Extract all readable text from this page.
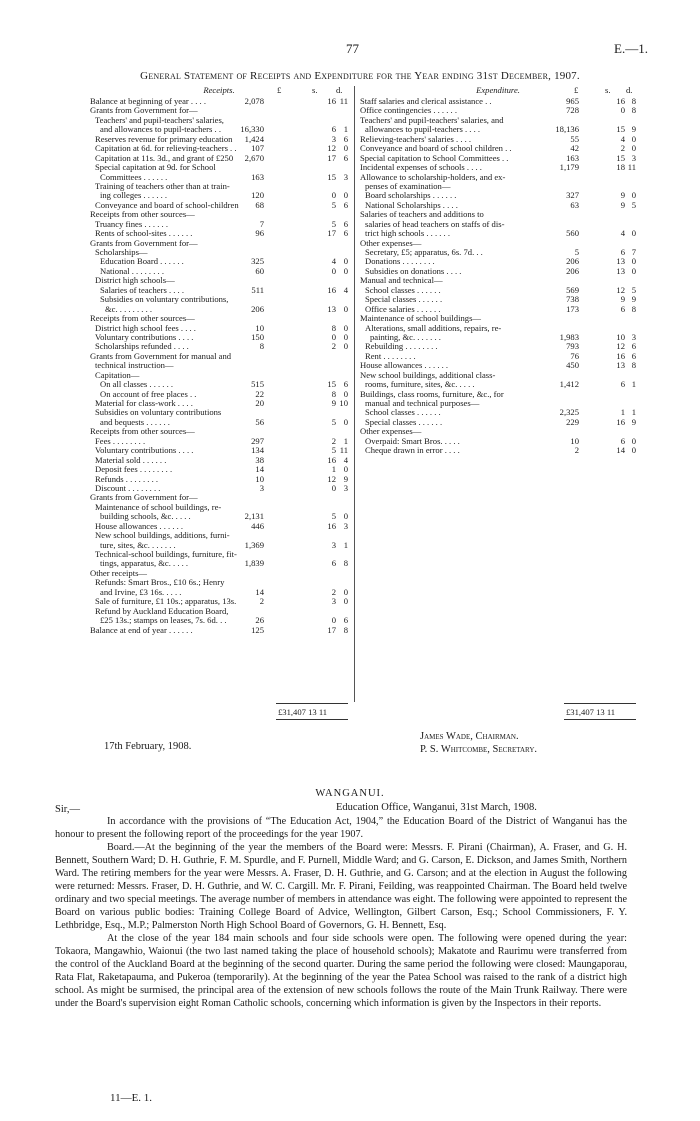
77	E.—1.
General Statement of Receipts and Expenditure for the Year ending 31st December, 1907.
Receipts.	£	s. d.
Balance at beginning of year . . . .	2,078	16 11
Grants from Government for—
Teachers' and pupil-teachers' salaries,
and allowances to pupil-teachers . .	16,330	6 1
Reserves revenue for primary education	1,424	3 6
Capitation at 6d. for relieving-teachers . .	107	12 0
Capitation at 11s. 3d., and grant of £250	2,670	17 6
Special capitation at 9d. for School
Committees . . . . . .	163	15 3
Training of teachers other than at train-
ing colleges . . . . . .	120	0 0
Conveyance and board of school-children	68	5 6
Receipts from other sources—
Truancy fines . . . . . .	7	5 6
Rents of school-sites . . . . . .	96	17 6
Grants from Government for—
Scholarships—
Education Board . . . . . .	325	4 0
National . . . . . . . .	60	0 0
District high schools—
Salaries of teachers . . . .	511	16 4
Subsidies on voluntary contributions,
&c. . . . . . . . .	206	13 0
Receipts from other sources—
District high school fees . . . .	10	8 0
Voluntary contributions . . . .	150	0 0
Scholarships refunded . . . .	8	2 0
Grants from Government for manual and
technical instruction—
Capitation—
On all classes . . . . . .	515	15 6
On account of free places . .	22	8 0
Material for class-work . . . .	20	9 10
Subsidies on voluntary contributions
and bequests . . . . . .	56	5 0
Receipts from other sources—
Fees . . . . . . . .	297	2 1
Voluntary contributions . . . .	134	5 11
Material sold . . . . . .	38	16 4
Deposit fees . . . . . . . .	14	1 0
Refunds . . . . . . . .	10	12 9
Discount . . . . . . . .	3	0 3
Grants from Government for—
Maintenance of school buildings, re-
building schools, &c. . . . .	2,131	5 0
House allowances . . . . . .	446	16 3
New school buildings, additions, furni-
ture, sites, &c. . . . . . .	1,369	3 1
Technical-school buildings, furniture, fit-
tings, apparatus, &c. . . . .	1,839	6 8
Other receipts—
Refunds: Smart Bros., £10 6s.; Henry
and Irvine, £3 16s. . . . .	14	2 0
Sale of furniture, £1 10s.; apparatus, 13s.	2	3 0
Refund by Auckland Education Board,
£25 13s.; stamps on leases, 7s. 6d. . .	26	0 6
Balance at end of year . . . . . .	125	17 8
Expenditure.	£	s. d.
Staff salaries and clerical assistance . .	965	16 8
Office contingencies . . . . . .	728	0 8
Teachers' and pupil-teachers' salaries, and
allowances to pupil-teachers . . . .	18,136	15 9
Relieving-teachers' salaries . . . .	55	4 0
Conveyance and board of school children . .	42	2 0
Special capitation to School Committees . .	163	15 3
Incidental expenses of schools . . . .	1,179	18 11
Allowance to scholarship-holders, and ex-
penses of examination—
Board scholarships . . . . . .	327	9 0
National Scholarships . . . .	63	9 5
Salaries of teachers and additions to
salaries of head teachers on staffs of dis-
trict high schools . . . . . .	560	4 0
Other expenses—
Secretary, £5; apparatus, 6s. 7d. . .	5	6 7
Donations . . . . . . . .	206	13 0
Subsidies on donations . . . .	206	13 0
Manual and technical—
School classes . . . . . .	569	12 5
Special classes . . . . . .	738	9 9
Office salaries . . . . . .	173	6 8
Maintenance of school buildings—
Alterations, small additions, repairs, re-
painting, &c. . . . . . .	1,983	10 3
Rebuilding . . . . . . . .	793	12 6
Rent . . . . . . . .	76	16 6
House allowances . . . . . .	450	13 8
New school buildings, additional class-
rooms, furniture, sites, &c. . . . .	1,412	6 1
Buildings, class rooms, furniture, &c., for
manual and technical purposes—
School classes . . . . . .	2,325	1 1
Special classes . . . . . .	229	16 9
Other expenses—
Overpaid: Smart Bros. . . . .	10	6 0
Cheque drawn in error . . . .	2	14 0
£31,407 13 11	£31,407 13 11
17th February, 1908.
James Wade, Chairman.
P. S. Whitcombe, Secretary.
WANGANUI.
Sir,—	Education Office, Wanganui, 31st March, 1908.

In accordance with the provisions of “The Education Act, 1904,” the Education Board of the District of Wanganui has the honour to present the following report of the proceedings for the year 1907.

Board.—At the beginning of the year the members of the Board were: Messrs. F. Pirani (Chairman), A. Fraser, and G. H. Bennett, Southern Ward; D. H. Guthrie, F. M. Spurdle, and F. Purnell, Middle Ward; and G. Carson, E. Dickson, and James Smith, Northern Ward. The retiring members for the year were Messrs. A. Fraser, D. H. Guthrie, and G. Carson; and at the election in August the following were returned: Messrs. Fraser, D. H. Guthrie, and W. C. Cargill. Mr. F. Pirani, Feilding, was reappointed Chairman. The Board held twelve ordinary and two special meetings. The average number of members in attendance was eight. The following were appointed to represent the Board on various public bodies: Training College Board of Advice, Wellington, Gilbert Carson, Esq.; School Commissioners, F. Y. Lethbridge, Esq., M.P.; Palmerston North High School Board of Governors, G. H. Bennett, Esq.

At the close of the year 184 main schools and four side schools were open. The following were opened during the year: Tokaora, Mangawhio, Waionui (the two last named taking the place of household schools); Makatote and Raurimu were transferred from the control of the Auckland Board at the beginning of the second quarter. During the same period the following were closed: Maungaporau, Rata Flat, Raketapauma, and Pukeroa (temporarily). At the beginning of the year the Patea School was raised to the rank of a district high school. As might be surmised, the principal area of the extension of new schools follows the route of the Main Trunk Railway. There were under the Board's supervision eight Roman Catholic schools, concerning which information is given by the Inspectors in their reports.

11—E. 1.
